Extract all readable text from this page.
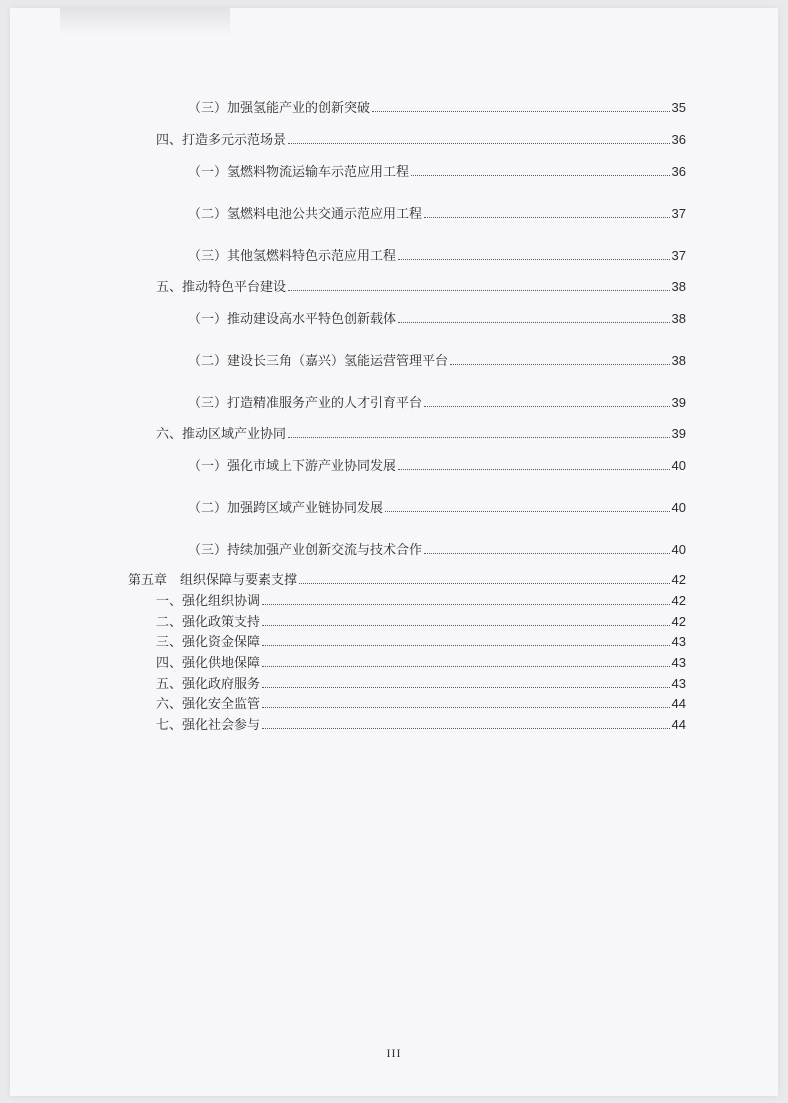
（三）加强氢能产业的创新突破	35
四、打造多元示范场景	36
（一）氢燃料物流运输车示范应用工程	36
（二）氢燃料电池公共交通示范应用工程	37
（三）其他氢燃料特色示范应用工程	37
五、推动特色平台建设	38
（一）推动建设高水平特色创新载体	38
（二）建设长三角（嘉兴）氢能运营管理平台	38
（三）打造精准服务产业的人才引育平台	39
六、推动区域产业协同	39
（一）强化市域上下游产业协同发展	40
（二）加强跨区域产业链协同发展	40
（三）持续加强产业创新交流与技术合作	40
第五章　组织保障与要素支撑	42
一、强化组织协调	42
二、强化政策支持	42
三、强化资金保障	43
四、强化供地保障	43
五、强化政府服务	43
六、强化安全监管	44
七、强化社会参与	44
III
